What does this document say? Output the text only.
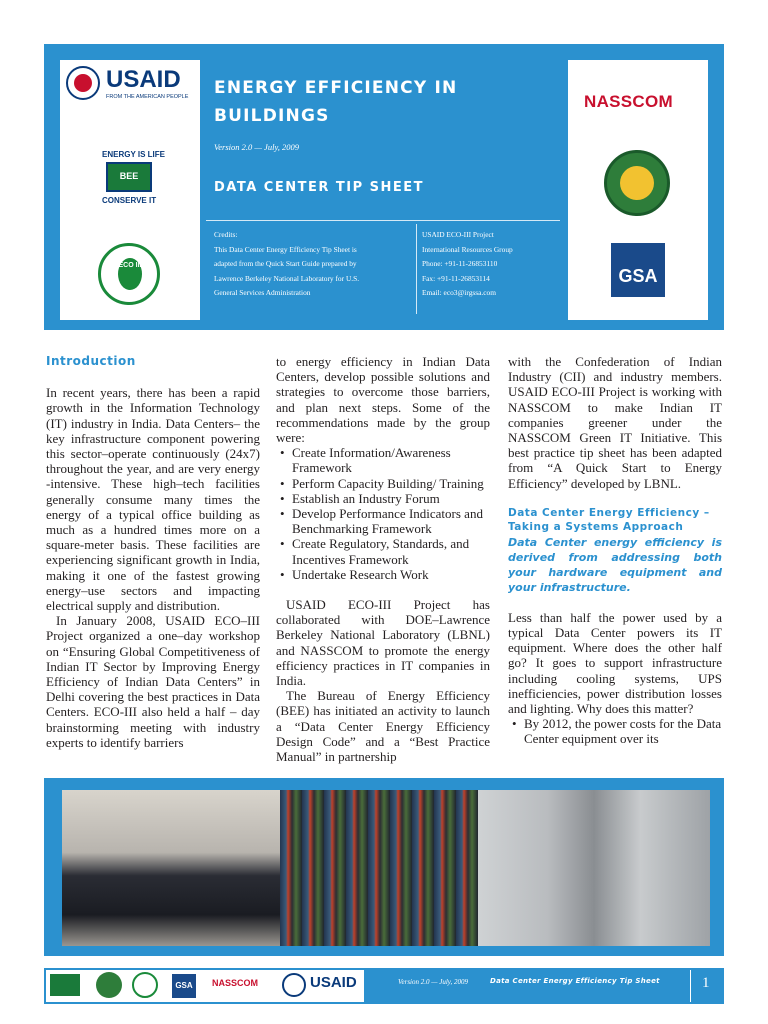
USAID
FROM THE AMERICAN PEOPLE
ENERGY IS LIFE
BEE
CONSERVE IT
ECO III
NASSCOM
GSA
ENERGY EFFICIENCY IN
BUILDINGS
Version 2.0 — July, 2009
DATA CENTER TIP SHEET
Credits:
This Data Center Energy Efficiency Tip Sheet is
adapted from the Quick Start Guide prepared by
Lawrence Berkeley National Laboratory for U.S.
General Services Administration
USAID ECO-III Project
International Resources Group
Phone: +91-11-26853110
Fax: +91-11-26853114
Email: eco3@irgssa.com
Introduction

In recent years, there has been a rapid growth in the Information Technology (IT) industry in India. Data Centers– the key infrastructure component powering this sector–operate continuously (24x7) throughout the year, and are very energy -intensive. These high–tech facilities generally consume many times the energy of a typical office building as much as a hundred times more on a square-meter basis. These facilities are experiencing significant growth in India, making it one of the fastest growing energy–use sectors and impacting electrical supply and distribution.

In January 2008, USAID ECO–III Project organized a one–day workshop on “Ensuring Global Competitiveness of Indian IT Sector by Improving Energy Efficiency of Indian Data Centers” in Delhi covering the best practices in Data Centers. ECO-III also held a half – day brainstorming meeting with industry experts to identify barriers

to energy efficiency in Indian Data Centers, develop possible solutions and strategies to overcome those barriers, and plan next steps. Some of the recommendations made by the group were:

• Create Information/Awareness Framework
• Perform Capacity Building/ Training
• Establish an Industry Forum
• Develop Performance Indicators and Benchmarking Framework
• Create Regulatory, Standards, and Incentives Framework
• Undertake Research Work

USAID ECO-III Project has collaborated with DOE–Lawrence Berkeley National Laboratory (LBNL) and NASSCOM to promote the energy efficiency practices in IT companies in India.

The Bureau of Energy Efficiency (BEE) has initiated an activity to launch a “Data Center Energy Efficiency Design Code” and a “Best Practice Manual” in partnership

with the Confederation of Indian Industry (CII) and industry members. USAID ECO-III Project is working with NASSCOM to make Indian IT companies greener under the NASSCOM Green IT Initiative. This best practice tip sheet has been adapted from “A Quick Start to Energy Efficiency” developed by LBNL.

Data Center Energy Efficiency – Taking a Systems Approach
Data Center energy efficiency is derived from addressing both your hardware equipment and your infrastructure.

Less than half the power used by a typical Data Center powers its IT equipment. Where does the other half go? It goes to support infrastructure including cooling systems, UPS inefficiencies, power distribution losses and lighting. Why does this matter?

• By 2012, the power costs for the Data Center equipment over its
GSA	NASSCOM	USAID	Version 2.0 — July, 2009	Data Center Energy Efficiency Tip Sheet	1
